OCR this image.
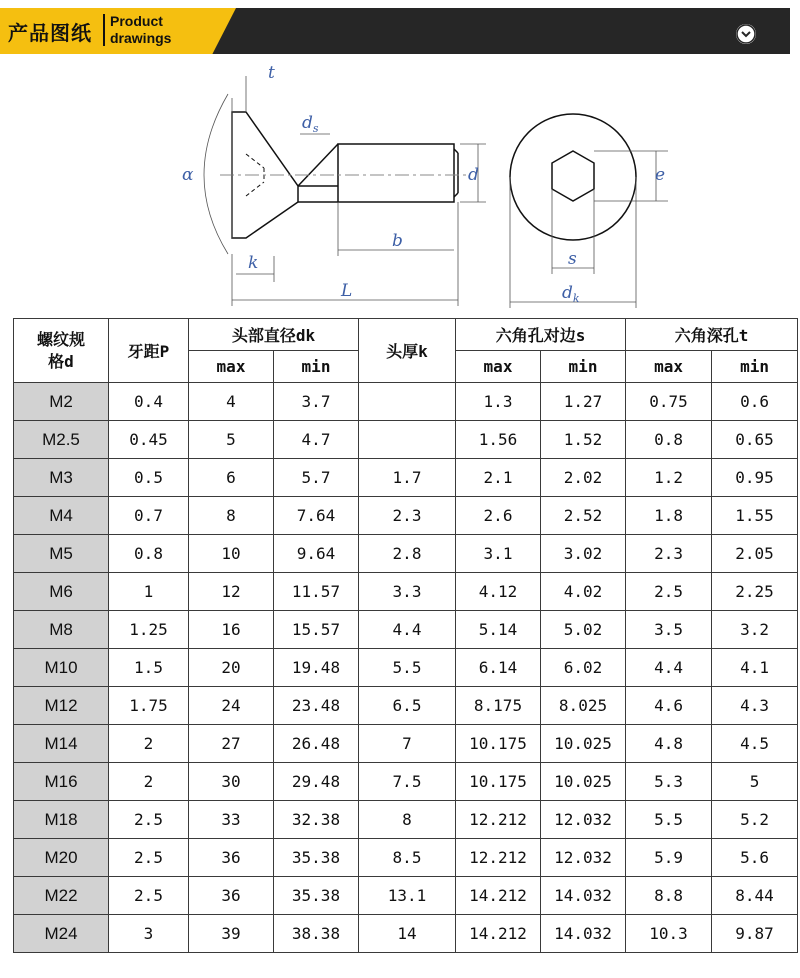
产品图纸 Product
drawings
t
$d_s$
α	d
b
k
L
e
s
$d_k$
螺纹规
格d	牙距P	头部直径dk		头厚k	六角孔对边s		六角深孔t	
		max	min		max	min	max	min
M2	0.4	4	3.7		1.3	1.27	0.75	0.6
M2.5	0.45	5	4.7		1.56	1.52	0.8	0.65
M3	0.5	6	5.7	1.7	2.1	2.02	1.2	0.95
M4	0.7	8	7.64	2.3	2.6	2.52	1.8	1.55
M5	0.8	10	9.64	2.8	3.1	3.02	2.3	2.05
M6	1	12	11.57	3.3	4.12	4.02	2.5	2.25
M8	1.25	16	15.57	4.4	5.14	5.02	3.5	3.2
M10	1.5	20	19.48	5.5	6.14	6.02	4.4	4.1
M12	1.75	24	23.48	6.5	8.175	8.025	4.6	4.3
M14	2	27	26.48	7	10.175	10.025	4.8	4.5
M16	2	30	29.48	7.5	10.175	10.025	5.3	5
M18	2.5	33	32.38	8	12.212	12.032	5.5	5.2
M20	2.5	36	35.38	8.5	12.212	12.032	5.9	5.6
M22	2.5	36	35.38	13.1	14.212	14.032	8.8	8.44
M24	3	39	38.38	14	14.212	14.032	10.3	9.87
